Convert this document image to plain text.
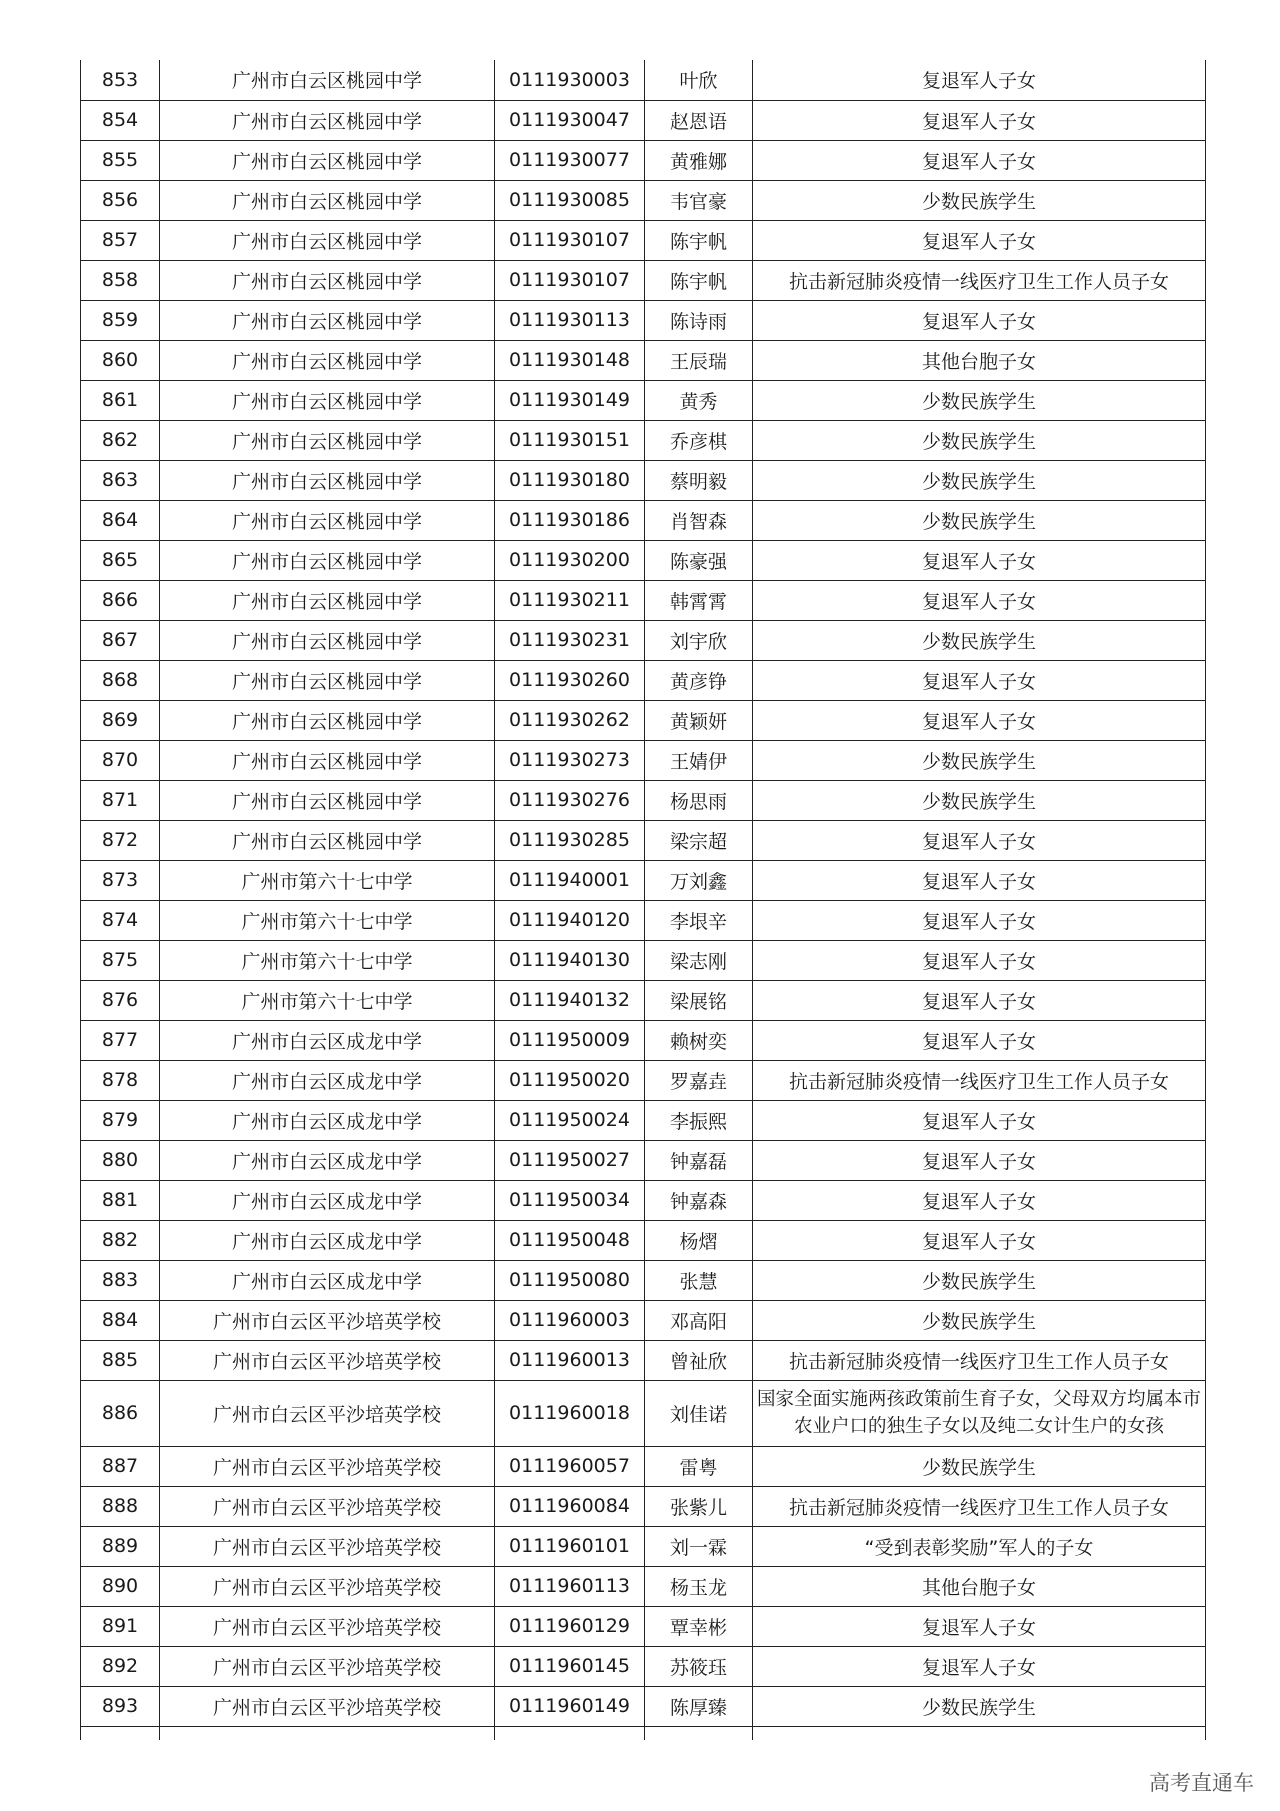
853	广州市白云区桃园中学	0111930003	叶欣	复退军人子女
854	广州市白云区桃园中学	0111930047	赵恩语	复退军人子女
855	广州市白云区桃园中学	0111930077	黄雅娜	复退军人子女
856	广州市白云区桃园中学	0111930085	韦官豪	少数民族学生
857	广州市白云区桃园中学	0111930107	陈宇帆	复退军人子女
858	广州市白云区桃园中学	0111930107	陈宇帆	抗击新冠肺炎疫情一线医疗卫生工作人员子女
859	广州市白云区桃园中学	0111930113	陈诗雨	复退军人子女
860	广州市白云区桃园中学	0111930148	王辰瑞	其他台胞子女
861	广州市白云区桃园中学	0111930149	黄秀	少数民族学生
862	广州市白云区桃园中学	0111930151	乔彦棋	少数民族学生
863	广州市白云区桃园中学	0111930180	蔡明毅	少数民族学生
864	广州市白云区桃园中学	0111930186	肖智森	少数民族学生
865	广州市白云区桃园中学	0111930200	陈豪强	复退军人子女
866	广州市白云区桃园中学	0111930211	韩霄霄	复退军人子女
867	广州市白云区桃园中学	0111930231	刘宇欣	少数民族学生
868	广州市白云区桃园中学	0111930260	黄彦铮	复退军人子女
869	广州市白云区桃园中学	0111930262	黄颖妍	复退军人子女
870	广州市白云区桃园中学	0111930273	王婧伊	少数民族学生
871	广州市白云区桃园中学	0111930276	杨思雨	少数民族学生
872	广州市白云区桃园中学	0111930285	梁宗超	复退军人子女
873	广州市第六十七中学	0111940001	万刘鑫	复退军人子女
874	广州市第六十七中学	0111940120	李垠辛	复退军人子女
875	广州市第六十七中学	0111940130	梁志刚	复退军人子女
876	广州市第六十七中学	0111940132	梁展铭	复退军人子女
877	广州市白云区成龙中学	0111950009	赖树奕	复退军人子女
878	广州市白云区成龙中学	0111950020	罗嘉垚	抗击新冠肺炎疫情一线医疗卫生工作人员子女
879	广州市白云区成龙中学	0111950024	李振熙	复退军人子女
880	广州市白云区成龙中学	0111950027	钟嘉磊	复退军人子女
881	广州市白云区成龙中学	0111950034	钟嘉森	复退军人子女
882	广州市白云区成龙中学	0111950048	杨熠	复退军人子女
883	广州市白云区成龙中学	0111950080	张慧	少数民族学生
884	广州市白云区平沙培英学校	0111960003	邓高阳	少数民族学生
885	广州市白云区平沙培英学校	0111960013	曾祉欣	抗击新冠肺炎疫情一线医疗卫生工作人员子女
886	广州市白云区平沙培英学校	0111960018	刘佳诺	国家全面实施两孩政策前生育子女，父母双方均属本市农业户口的独生子女以及纯二女计生户的女孩
887	广州市白云区平沙培英学校	0111960057	雷粤	少数民族学生
888	广州市白云区平沙培英学校	0111960084	张紫儿	抗击新冠肺炎疫情一线医疗卫生工作人员子女
889	广州市白云区平沙培英学校	0111960101	刘一霖	“受到表彰奖励”军人的子女
890	广州市白云区平沙培英学校	0111960113	杨玉龙	其他台胞子女
891	广州市白云区平沙培英学校	0111960129	覃幸彬	复退军人子女
892	广州市白云区平沙培英学校	0111960145	苏筱珏	复退军人子女
893	广州市白云区平沙培英学校	0111960149	陈厚臻	少数民族学生

高考直通车
